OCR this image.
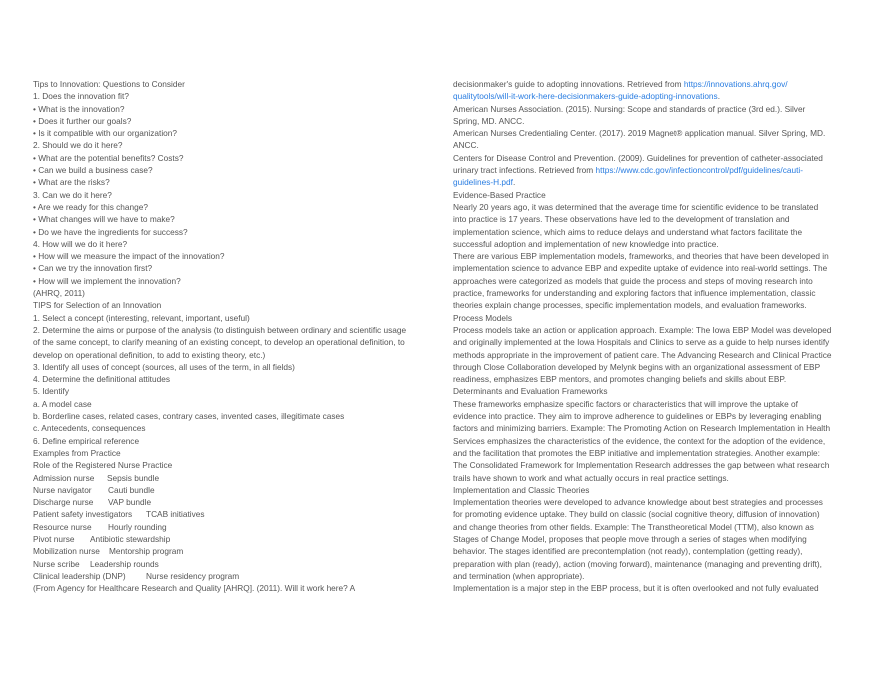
Tips to Innovation: Questions to Consider
1. Does the innovation fit?
• What is the innovation?
• Does it further our goals?
• Is it compatible with our organization?
2. Should we do it here?
• What are the potential benefits? Costs?
• Can we build a business case?
• What are the risks?
3. Can we do it here?
• Are we ready for this change?
• What changes will we have to make?
• Do we have the ingredients for success?
4. How will we do it here?
• How will we measure the impact of the innovation?
• Can we try the innovation first?
• How will we implement the innovation?
(AHRQ, 2011)
TIPS for Selection of an Innovation
1. Select a concept (interesting, relevant, important, useful)
2. Determine the aims or purpose of the analysis (to distinguish between ordinary and scientific usage
of the same concept, to clarify meaning of an existing concept, to develop an operational definition, to
develop on operational definition, to add to existing theory, etc.)
3. Identify all uses of concept (sources, all uses of the term, in all fields)
4. Determine the definitional attitudes
5. Identify
a. A model case
b. Borderline cases, related cases, contrary cases, invented cases, illegitimate cases
c. Antecedents, consequences
6. Define empirical reference
Examples from Practice
Role of the Registered Nurse Practice
Admission nurse Sepsis bundle
Nurse navigator Cauti bundle
Discharge nurse VAP bundle
Patient safety investigators TCAB initiatives
Resource nurse Hourly rounding
Pivot nurse Antibiotic stewardship
Mobilization nurse Mentorship program
Nurse scribe Leadership rounds
Clinical leadership (DNP) Nurse residency program
(From Agency for Healthcare Research and Quality [AHRQ]. (2011). Will it work here? A
decisionmaker's guide to adopting innovations. Retrieved from https://innovations.ahrq.gov/
qualitytools/will-it-work-here-decisionmakers-guide-adopting-innovations.
American Nurses Association. (2015). Nursing: Scope and standards of practice (3rd ed.). Silver
Spring, MD. ANCC.
American Nurses Credentialing Center. (2017). 2019 Magnet® application manual. Silver Spring, MD.
ANCC.
Centers for Disease Control and Prevention. (2009). Guidelines for prevention of catheter-associated
urinary tract infections. Retrieved from https://www.cdc.gov/infectioncontrol/pdf/guidelines/cauti-
guidelines-H.pdf.
Evidence-Based Practice
Nearly 20 years ago, it was determined that the average time for scientific evidence to be translated
into practice is 17 years. These observations have led to the development of translation and
implementation science, which aims to reduce delays and understand what factors facilitate the
successful adoption and implementation of new knowledge into practice.
There are various EBP implementation models, frameworks, and theories that have been developed in
implementation science to advance EBP and expedite uptake of evidence into real-world settings. The
approaches were categorized as models that guide the process and steps of moving research into
practice, frameworks for understanding and exploring factors that influence implementation, classic
theories explain change processes, specific implementation models, and evaluation frameworks.
Process Models
Process models take an action or application approach. Example: The Iowa EBP Model was developed
and originally implemented at the Iowa Hospitals and Clinics to serve as a guide to help nurses identify
methods appropriate in the improvement of patient care. The Advancing Research and Clinical Practice
through Close Collaboration developed by Melynk begins with an organizational assessment of EBP
readiness, emphasizes EBP mentors, and promotes changing beliefs and skills about EBP.
Determinants and Evaluation Frameworks
These frameworks emphasize specific factors or characteristics that will improve the uptake of
evidence into practice. They aim to improve adherence to guidelines or EBPs by leveraging enabling
factors and minimizing barriers. Example: The Promoting Action on Research Implementation in Health
Services emphasizes the characteristics of the evidence, the context for the adoption of the evidence,
and the facilitation that promotes the EBP initiative and implementation strategies. Another example:
The Consolidated Framework for Implementation Research addresses the gap between what research
trails have shown to work and what actually occurs in real practice settings.
Implementation and Classic Theories
Implementation theories were developed to advance knowledge about best strategies and processes
for promoting evidence uptake. They build on classic (social cognitive theory, diffusion of innovation)
and change theories from other fields. Example: The Transtheoretical Model (TTM), also known as
Stages of Change Model, proposes that people move through a series of stages when modifying
behavior. The stages identified are precontemplation (not ready), contemplation (getting ready),
preparation with plan (ready), action (moving forward), maintenance (managing and preventing drift),
and termination (when appropriate).
Implementation is a major step in the EBP process, but it is often overlooked and not fully evaluated
